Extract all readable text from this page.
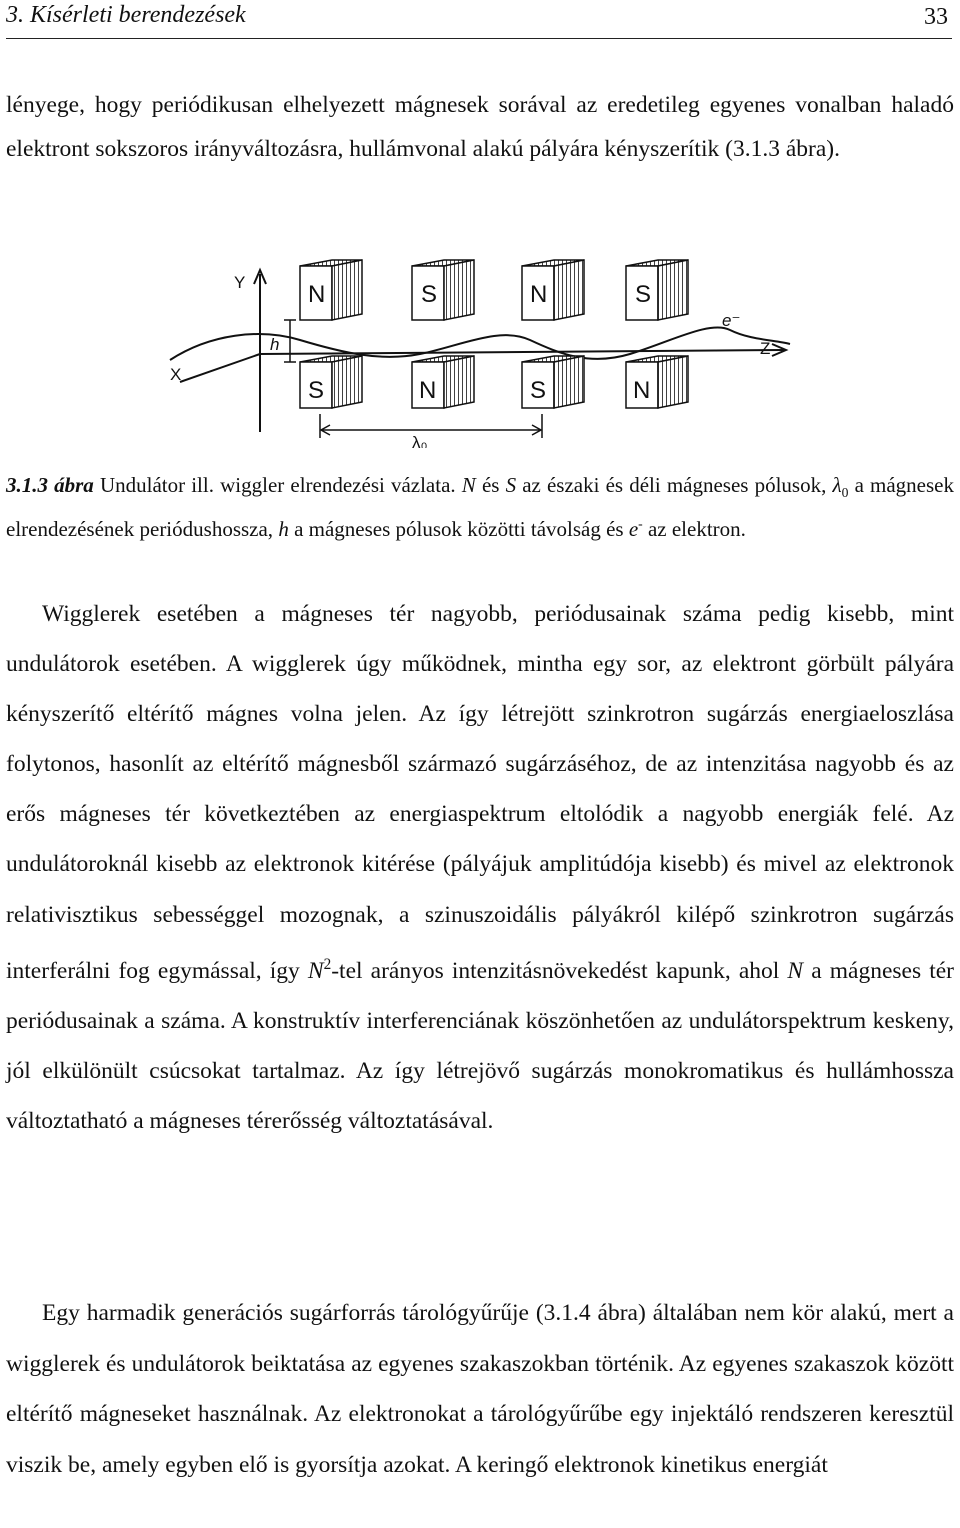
3. Kísérleti berendezések	33

lényege, hogy periódikusan elhelyezett mágnesek sorával az eredetileg egyenes vonalban haladó elektront sokszoros irányváltozásra, hullámvonal alakú pályára kényszerítik (3.1.3 ábra).

N	S	N	S
S	N	S	N
Y
X
Z
h
e⁻
λ₀
3.1.3 ábra Undulátor ill. wiggler elrendezési vázlata. N és S az északi és déli mágneses pólusok, $\lambda_0$ a mágnesek elrendezésének periódushossza, h a mágneses pólusok közötti távolság és e- az elektron.

Wigglerek esetében a mágneses tér nagyobb, periódusainak száma pedig kisebb, mint undulátorok esetében. A wigglerek úgy működnek, mintha egy sor, az elektront görbült pályára kényszerítő eltérítő mágnes volna jelen. Az így létrejött szinkrotron sugárzás energiaeloszlása folytonos, hasonlít az eltérítő mágnesből származó sugárzáséhoz, de az intenzitása nagyobb és az erős mágneses tér következtében az energiaspektrum eltolódik a nagyobb energiák felé. Az undulátoroknál kisebb az elektronok kitérése (pályájuk amplitúdója kisebb) és mivel az elektronok relativisztikus sebességgel mozognak, a szinuszoidális pályákról kilépő szinkrotron sugárzás interferálni fog egymással, így $N^2$-tel arányos intenzitásnövekedést kapunk, ahol N a mágneses tér periódusainak a száma. A konstruktív interferenciának köszönhetően az undulátorspektrum keskeny, jól elkülönült csúcsokat tartalmaz. Az így létrejövő sugárzás monokromatikus és hullámhossza változtatható a mágneses térerősség változtatásával.

Egy harmadik generációs sugárforrás tárológyűrűje (3.1.4 ábra) általában nem kör alakú, mert a wigglerek és undulátorok beiktatása az egyenes szakaszokban történik. Az egyenes szakaszok között eltérítő mágneseket használnak. Az elektronokat a tárológyűrűbe egy injektáló rendszeren keresztül viszik be, amely egyben elő is gyorsítja azokat. A keringő elektronok kinetikus energiát
